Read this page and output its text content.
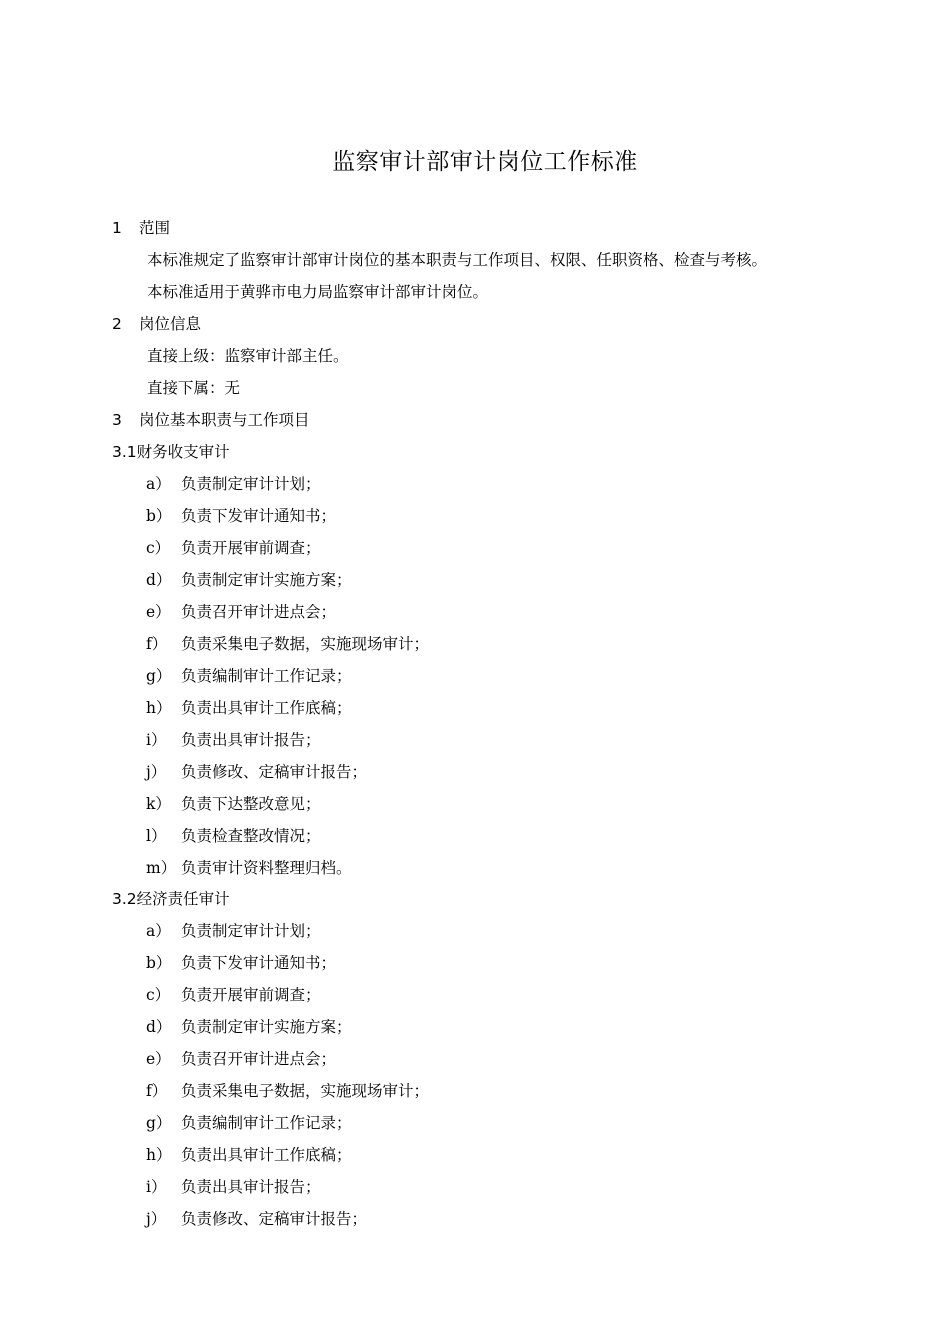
监察审计部审计岗位工作标准
1 范围
本标准规定了监察审计部审计岗位的基本职责与工作项目、权限、任职资格、检查与考核。
本标准适用于黄骅市电力局监察审计部审计岗位。
2 岗位信息
直接上级：监察审计部主任。
直接下属：无
3 岗位基本职责与工作项目
3.1财务收支审计
a） 负责制定审计计划；
b） 负责下发审计通知书；
c） 负责开展审前调查；
d） 负责制定审计实施方案；
e） 负责召开审计进点会；
f） 负责采集电子数据，实施现场审计；
g） 负责编制审计工作记录；
h） 负责出具审计工作底稿；
i） 负责出具审计报告；
j） 负责修改、定稿审计报告；
k） 负责下达整改意见；
l） 负责检查整改情况；
m） 负责审计资料整理归档。
3.2经济责任审计
a） 负责制定审计计划；
b） 负责下发审计通知书；
c） 负责开展审前调查；
d） 负责制定审计实施方案；
e） 负责召开审计进点会；
f） 负责采集电子数据，实施现场审计；
g） 负责编制审计工作记录；
h） 负责出具审计工作底稿；
i） 负责出具审计报告；
j） 负责修改、定稿审计报告；
